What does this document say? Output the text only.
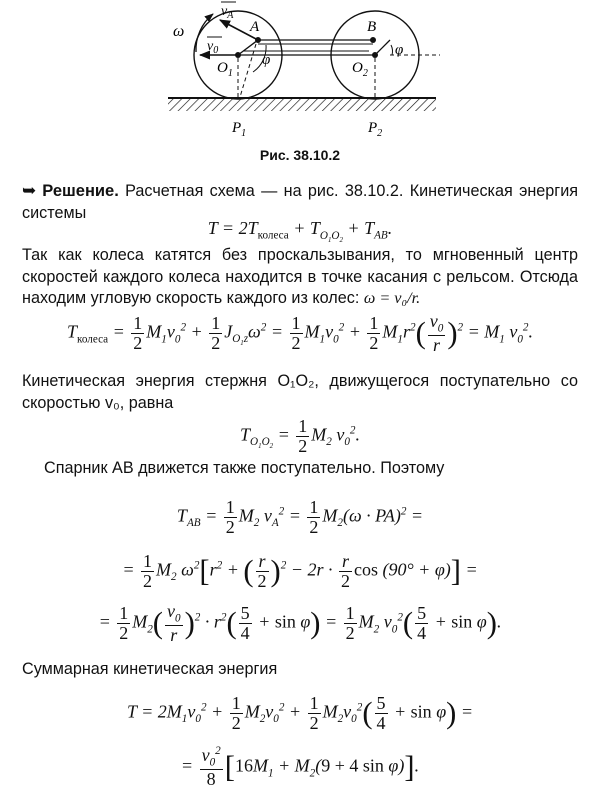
ω
$v_A$
$v_0$
A	B
φ
φ
$O_1$	$O_2$
$P_1$	$P_2$
Рис. 38.10.2
➥ Решение. Расчетная схема — на рис. 38.10.2. Кинетическая энергия системы
$T = 2T_{колеса} + T_{O_1O_2} + T_{AB}$.
Так как колеса катятся без проскальзывания, то мгновенный центр скоростей каждого колеса находится в точке касания с рельсом. Отсюда находим угловую скорость каждого из колес: ω = v₀/r.
$T_{колеса} = \frac{1}{2} M_1v_0^2 + \frac{1}{2} J_{O_1z}\omega^2 = \frac{1}{2} M_1v_0^2 + \frac{1}{2} M_1r^2( \frac{v_0}{r} )^2 = M_1$ $v_0^2$.
Кинетическая энергия стержня O₁O₂, движущегося поступательно со скоростью v₀, равна
$T_{O_1O_2} = \frac{1}{2} M_2$ $v_0^2$.
Спарник AB движется также поступательно. Поэтому
$T_{AB} = \frac{1}{2} M_2$ $v_A^2 = \frac{1}{2} M_2(\omega \cdot PA)^2$ =
= $\frac{1}{2} M_2$ $\omega^2[r^2$ + ( $\frac{r}{2} )^2 - 2r \cdot \frac{r}{2}$ cos (90° + φ)] =
= $\frac{1}{2} M_2( \frac{v_0}{r} )^2 \cdot r^2( \frac{5}{4} + \sin \varphi) = \frac{1}{2} M_2$ $v_0^2( \frac{5}{4} + \sin \varphi)$.
Суммарная кинетическая энергия
$T = 2M_1v_0^2 + \frac{1}{2} M_2v_0^2 + \frac{1}{2} M_2v_0^2( \frac{5}{4} + \sin \varphi)$ =
= $\frac{v_0^2}{8} [16M_1 + M_2(9 + 4$ sin φ)].
